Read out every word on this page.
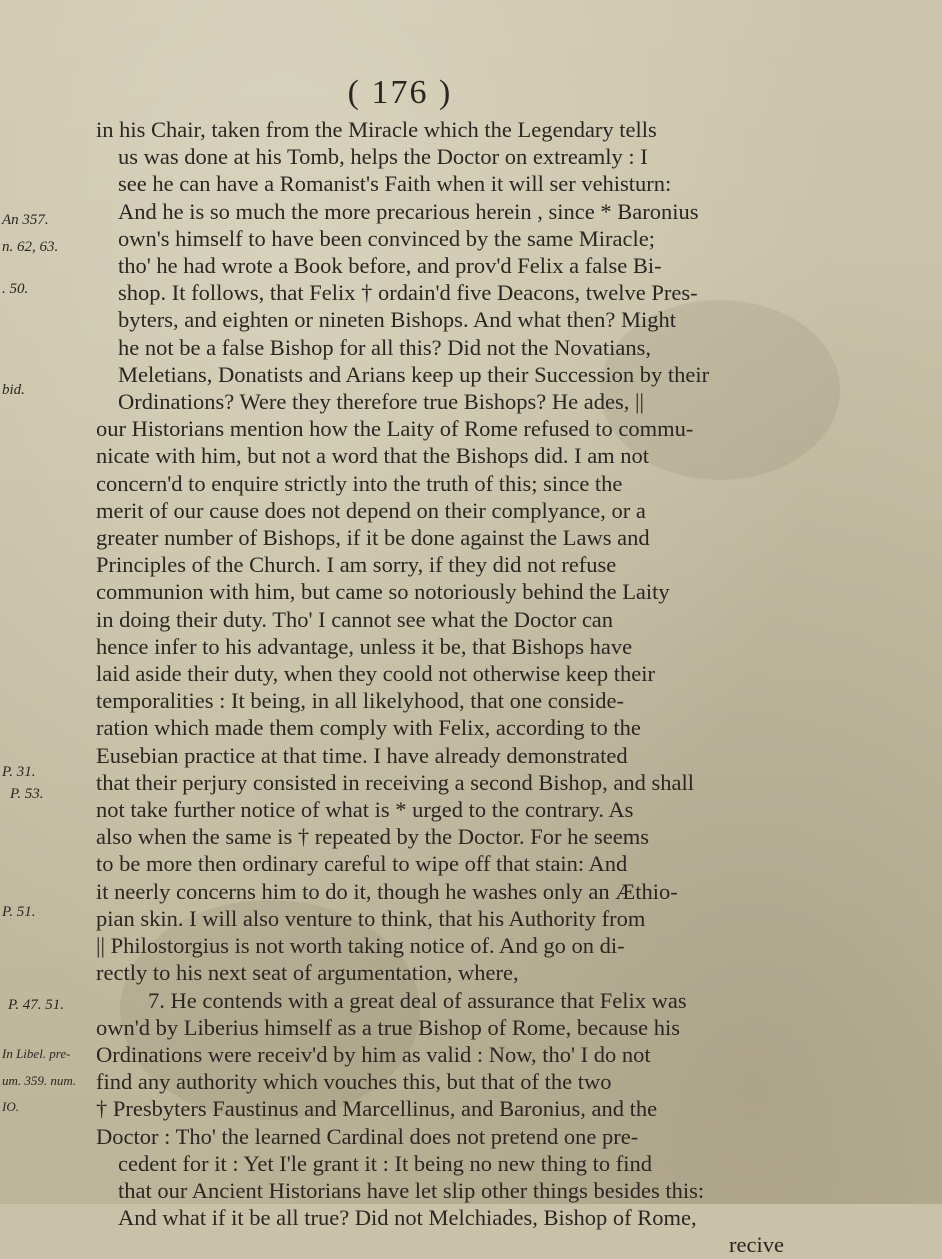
( 176 )
An 357.
n. 62, 63.
. 50.
bid.
P. 31.
P. 53.
P. 51.
P. 47. 51.
In Libel. pre-
um. 359. num.
IO.
in his Chair, taken from the Miracle which the Legendary tells
us was done at his Tomb, helps the Doctor on extreamly : I
see he can have a Romanist's Faith when it will ser vehisturn:
And he is so much the more precarious herein , since * Baronius
own's himself to have been convinced by the same Miracle;
tho' he had wrote a Book before, and prov'd Felix a false Bi-
shop. It follows, that Felix † ordain'd five Deacons, twelve Pres-
byters, and eighten or nineten Bishops. And what then? Might
he not be a false Bishop for all this? Did not the Novatians,
Meletians, Donatists and Arians keep up their Succession by their
Ordinations? Were they therefore true Bishops? He ades, ||
our Historians mention how the Laity of Rome refused to commu-
nicate with him, but not a word that the Bishops did. I am not
concern'd to enquire strictly into the truth of this; since the
merit of our cause does not depend on their complyance, or a
greater number of Bishops, if it be done against the Laws and
Principles of the Church. I am sorry, if they did not refuse
communion with him, but came so notoriously behind the Laity
in doing their duty. Tho' I cannot see what the Doctor can
hence infer to his advantage, unless it be, that Bishops have
laid aside their duty, when they coold not otherwise keep their
temporalities : It being, in all likelyhood, that one conside-
ration which made them comply with Felix, according to the
Eusebian practice at that time. I have already demonstrated
that their perjury consisted in receiving a second Bishop, and shall
not take further notice of what is * urged to the contrary. As
also when the same is † repeated by the Doctor. For he seems
to be more then ordinary careful to wipe off that stain: And
it neerly concerns him to do it, though he washes only an Æthio-
pian skin. I will also venture to think, that his Authority from
|| Philostorgius is not worth taking notice of. And go on di-
rectly to his next seat of argumentation, where,
7. He contends with a great deal of assurance that Felix was
own'd by Liberius himself as a true Bishop of Rome, because his
Ordinations were receiv'd by him as valid : Now, tho' I do not
find any authority which vouches this, but that of the two
† Presbyters Faustinus and Marcellinus, and Baronius, and the
Doctor : Tho' the learned Cardinal does not pretend one pre-
cedent for it : Yet I'le grant it : It being no new thing to find
that our Ancient Historians have let slip other things besides this:
And what if it be all true? Did not Melchiades, Bishop of Rome,
recive
